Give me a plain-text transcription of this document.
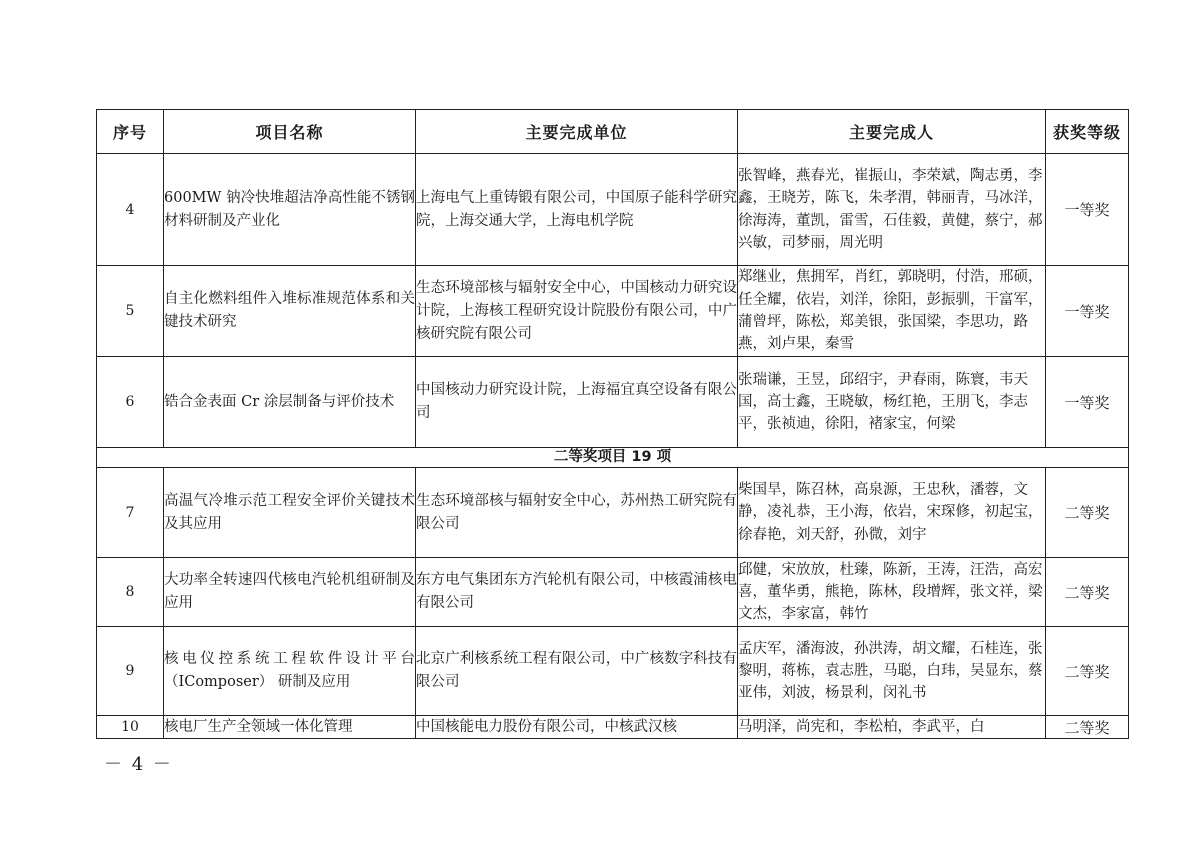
序号	项目名称	主要完成单位	主要完成人	获奖等级
4	600MW 钠冷快堆超洁净高性能不锈钢材料研制及产业化	上海电气上重铸锻有限公司，中国原子能科学研究院，上海交通大学，上海电机学院	张智峰，燕春光，崔振山，李荣斌，陶志勇，李鑫，王晓芳，陈飞，朱孝渭，韩丽青，马冰洋，徐海涛，董凯，雷雪，石佳毅，黄健，蔡宁，郝兴敏，司梦丽，周光明	一等奖
5	自主化燃料组件入堆标准规范体系和关键技术研究	生态环境部核与辐射安全中心，中国核动力研究设计院，上海核工程研究设计院股份有限公司，中广核研究院有限公司	郑继业，焦拥军，肖红，郭晓明，付浩，邢硕，任全耀，依岩，刘洋，徐阳，彭振驯，干富军，蒲曾坪，陈松，郑美银，张国梁，李思功，路燕，刘卢果，秦雪	一等奖
6	锆合金表面 Cr 涂层制备与评价技术	中国核动力研究设计院，上海福宜真空设备有限公司	张瑞谦，王昱，邱绍宇，尹春雨，陈寰，韦天国，高士鑫，王晓敏，杨红艳，王朋飞，李志平，张祯迪，徐阳，褚家宝，何梁	一等奖
二等奖项目 19 项				
7	高温气冷堆示范工程安全评价关键技术及其应用	生态环境部核与辐射安全中心，苏州热工研究院有限公司	柴国旱，陈召林，高泉源，王忠秋，潘蓉，文静，凌礼恭，王小海，依岩，宋琛修，初起宝，徐春艳，刘天舒，孙微，刘宇	二等奖
8	大功率全转速四代核电汽轮机组研制及应用	东方电气集团东方汽轮机有限公司，中核霞浦核电有限公司	邱健，宋放放，杜臻，陈新，王涛，汪浩，高宏喜，董华勇，熊艳，陈林，段增辉，张文祥，梁文杰，李家富，韩竹	二等奖
9	核电仪控系统工程软件设计平台（IComposer） 研制及应用	北京广利核系统工程有限公司，中广核数字科技有限公司	孟庆军，潘海波，孙洪涛，胡文耀，石桂连，张黎明，蒋栋，袁志胜，马聪，白玮，吴显东，蔡亚伟，刘波，杨景利，闵礼书	二等奖
10	核电厂生产全领域一体化管理	中国核能电力股份有限公司，中核武汉核	马明泽，尚宪和，李松柏，李武平，白	二等奖
－ 4 －
